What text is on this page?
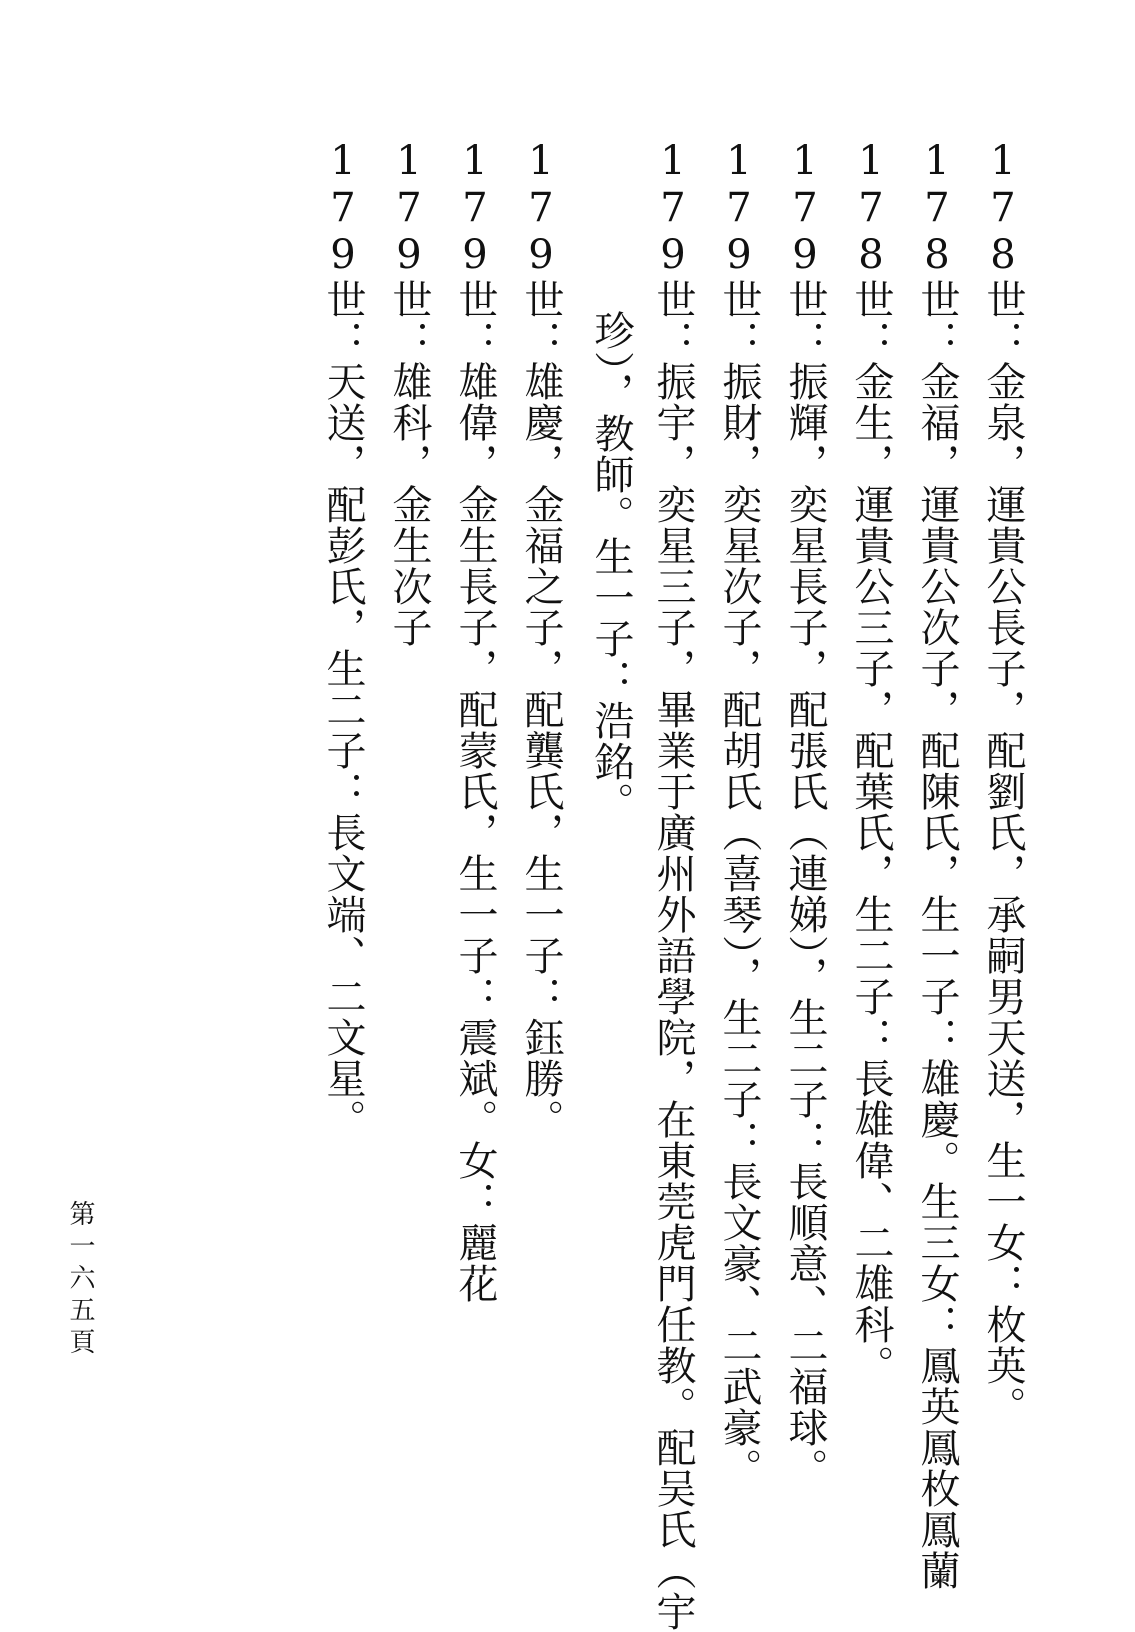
178世：金泉，運貴公長子，配劉氏，承嗣男天送，生一女：枚英。
178世：金福，運貴公次子，配陳氏，生一子：雄慶。生三女：鳳英鳳枚鳳蘭
178世：金生，運貴公三子，配葉氏，生二子：長雄偉、二雄科。
179世：振輝，奕星長子，配張氏（連娣），生二子：長順意、二福球。
179世：振財，奕星次子，配胡氏（喜琴），生二子：長文豪、二武豪。
179世：振宇，奕星三子，畢業于廣州外語學院，在東莞虎門任教。配吴氏（宇
珍），教師。生一子：浩銘。
179世：雄慶，金福之子，配龔氏，生一子：鈺勝。
179世：雄偉，金生長子，配蒙氏，生一子：震斌。女：麗花
179世：雄科，金生次子
179世：天送，配彭氏，生二子：長文端、二文星。
第一六五頁
